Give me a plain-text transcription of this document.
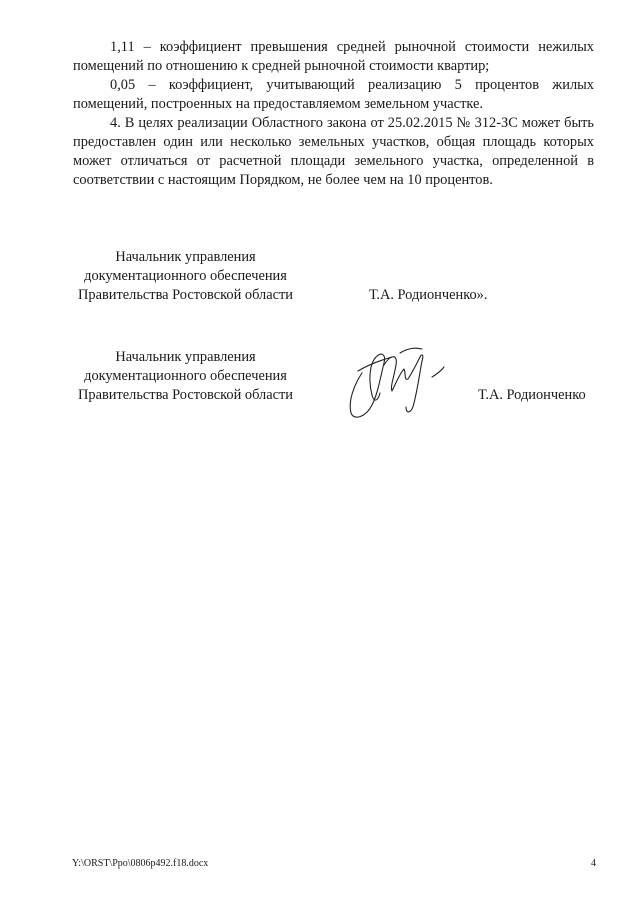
1,11 – коэффициент превышения средней рыночной стоимости нежилых помещений по отношению к средней рыночной стоимости квартир;

0,05 – коэффициент, учитывающий реализацию 5 процентов жилых помещений, построенных на предоставляемом земельном участке.

4. В целях реализации Областного закона от 25.02.2015 № 312-ЗС может быть предоставлен один или несколько земельных участков, общая площадь которых может отличаться от расчетной площади земельного участка, определенной в соответствии с настоящим Порядком, не более чем на 10 процентов.

Начальник управления
документационного обеспечения
Правительства Ростовской области	Т.А. Родионченко».
Начальник управления
документационного обеспечения
Правительства Ростовской области	Т.А. Родионченко
Y:\ORST\Ppo\0806p492.f18.docx	4
